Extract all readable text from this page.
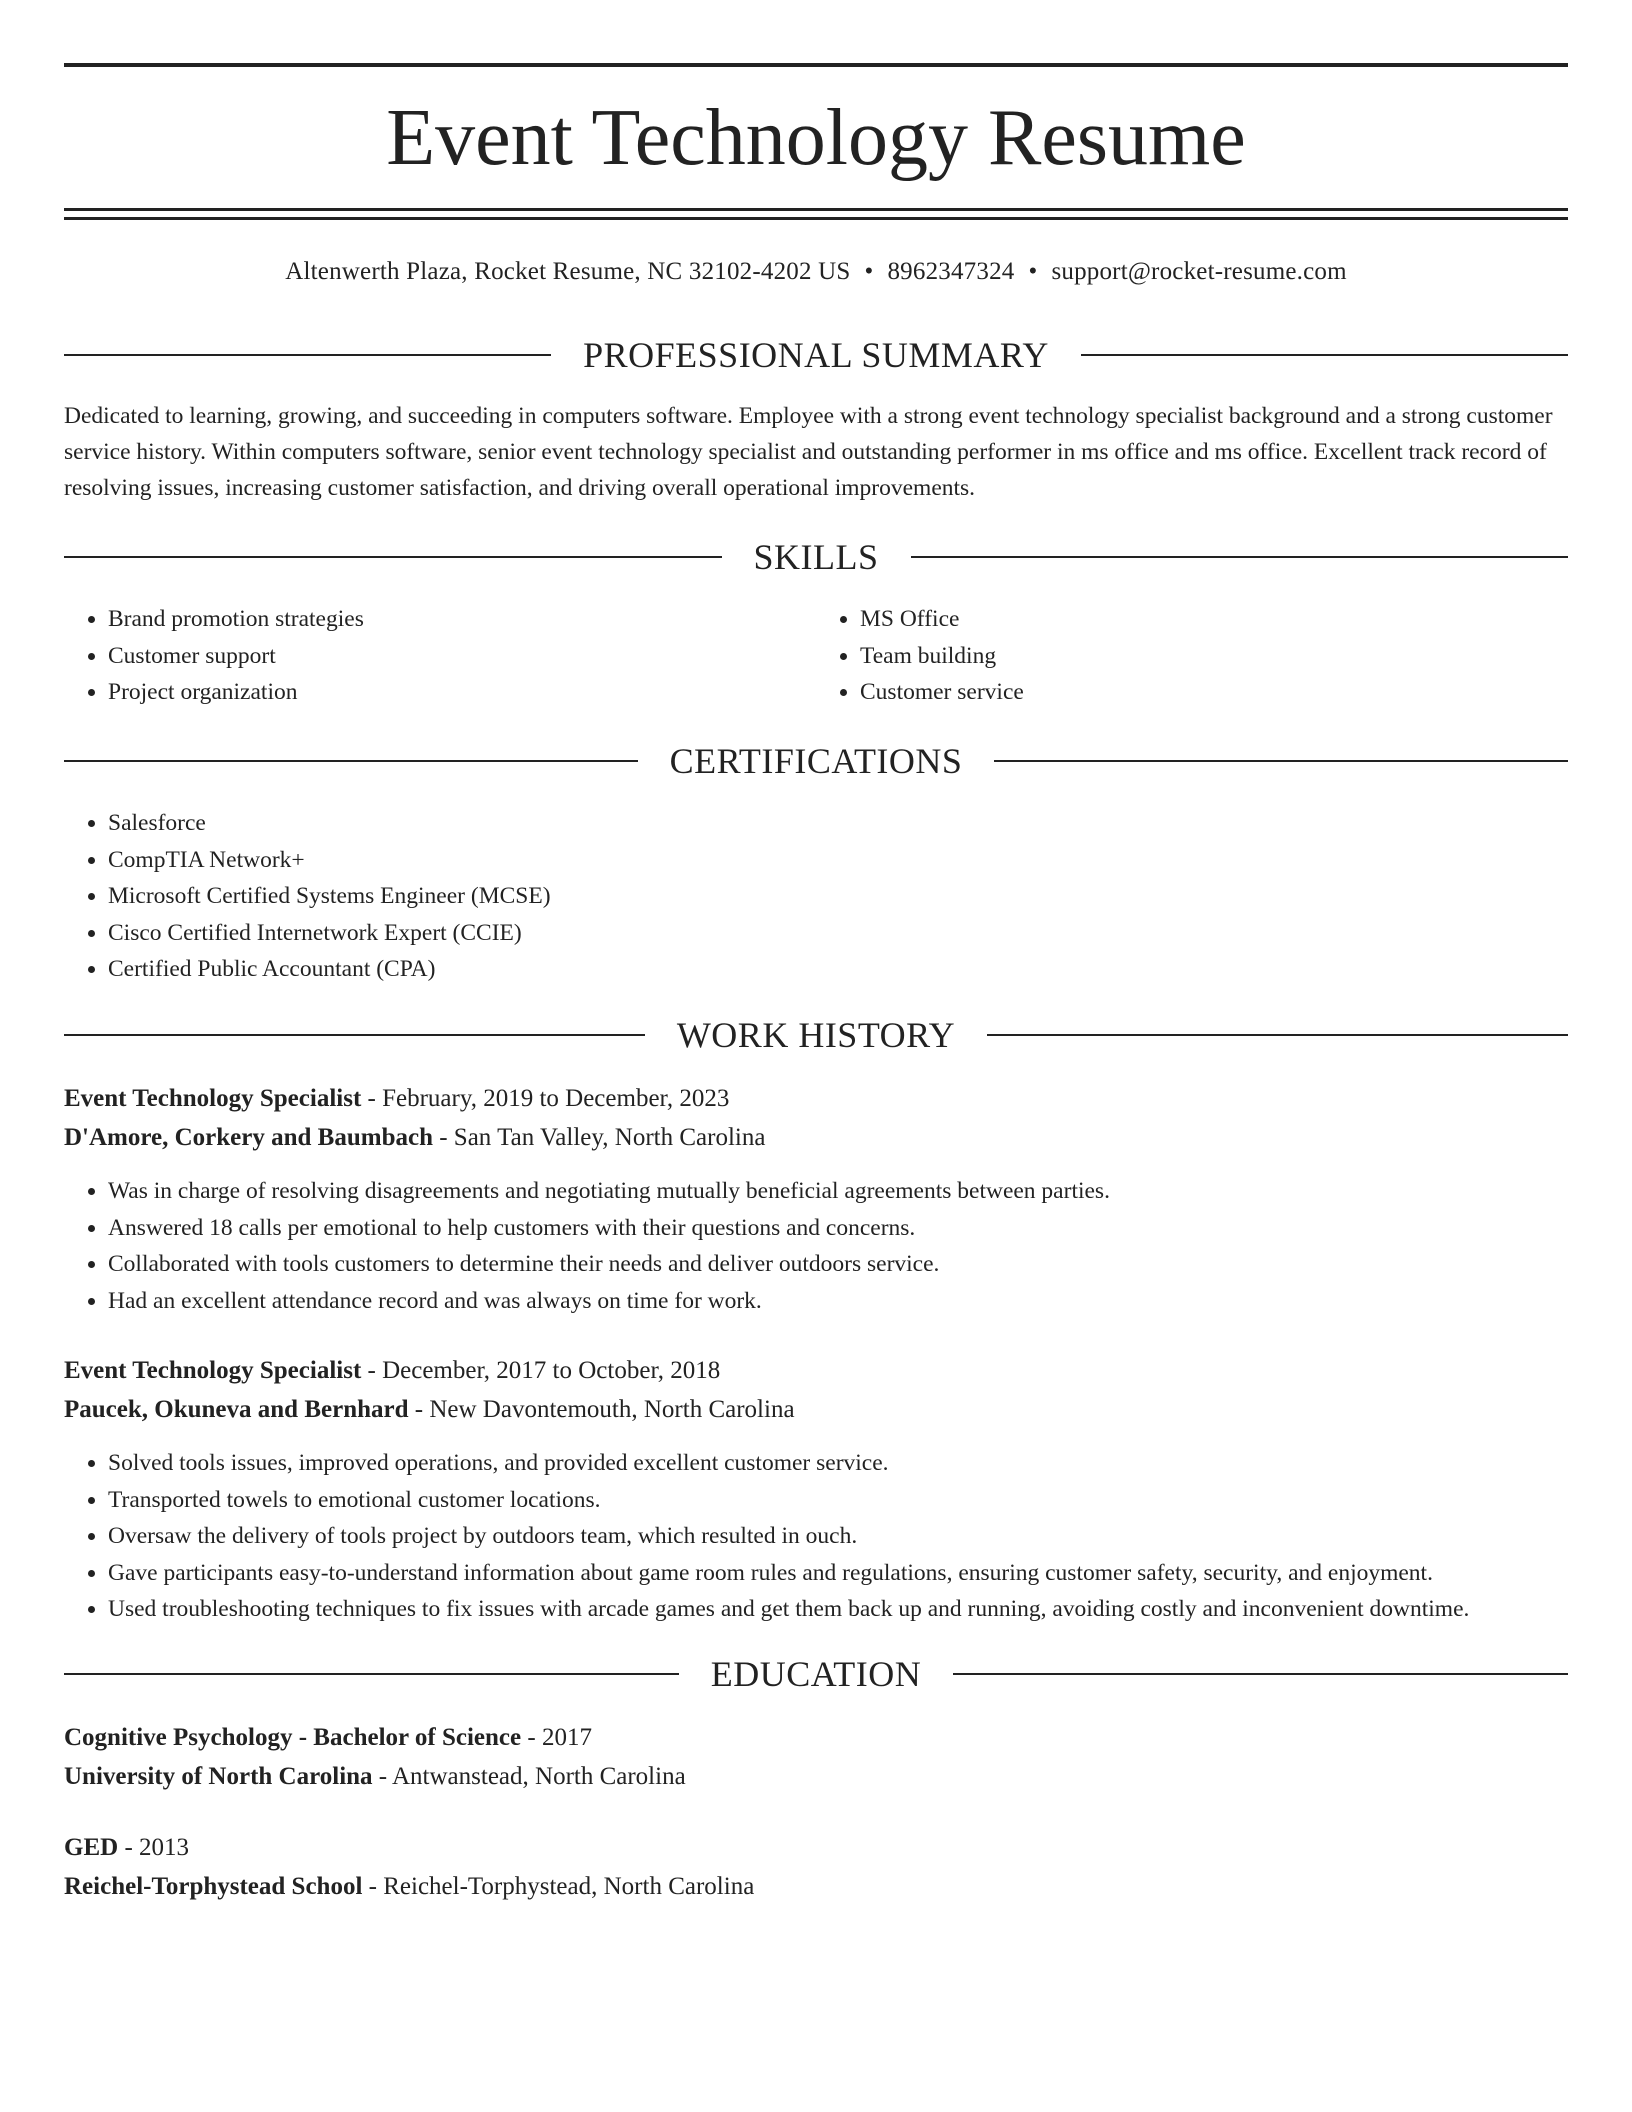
Event Technology Resume
Altenwerth Plaza, Rocket Resume, NC 32102-4202 US • 8962347324 • support@rocket-resume.com
PROFESSIONAL SUMMARY

Dedicated to learning, growing, and succeeding in computers software. Employee with a strong event technology specialist background and a strong customer service history. Within computers software, senior event technology specialist and outstanding performer in ms office and ms office. Excellent track record of resolving issues, increasing customer satisfaction, and driving overall operational improvements.

SKILLS
• Brand promotion strategies
• Customer support
• Project organization
• MS Office
• Team building
• Customer service
CERTIFICATIONS
• Salesforce
• CompTIA Network+
• Microsoft Certified Systems Engineer (MCSE)
• Cisco Certified Internetwork Expert (CCIE)
• Certified Public Accountant (CPA)
WORK HISTORY

Event Technology Specialist - February, 2019 to December, 2023

D'Amore, Corkery and Baumbach - San Tan Valley, North Carolina

• Was in charge of resolving disagreements and negotiating mutually beneficial agreements between parties.
• Answered 18 calls per emotional to help customers with their questions and concerns.
• Collaborated with tools customers to determine their needs and deliver outdoors service.
• Had an excellent attendance record and was always on time for work.

Event Technology Specialist - December, 2017 to October, 2018

Paucek, Okuneva and Bernhard - New Davontemouth, North Carolina

• Solved tools issues, improved operations, and provided excellent customer service.
• Transported towels to emotional customer locations.
• Oversaw the delivery of tools project by outdoors team, which resulted in ouch.
• Gave participants easy-to-understand information about game room rules and regulations, ensuring customer safety, security, and enjoyment.
• Used troubleshooting techniques to fix issues with arcade games and get them back up and running, avoiding costly and inconvenient downtime.
EDUCATION

Cognitive Psychology - Bachelor of Science - 2017

University of North Carolina - Antwanstead, North Carolina

GED - 2013

Reichel-Torphystead School - Reichel-Torphystead, North Carolina
